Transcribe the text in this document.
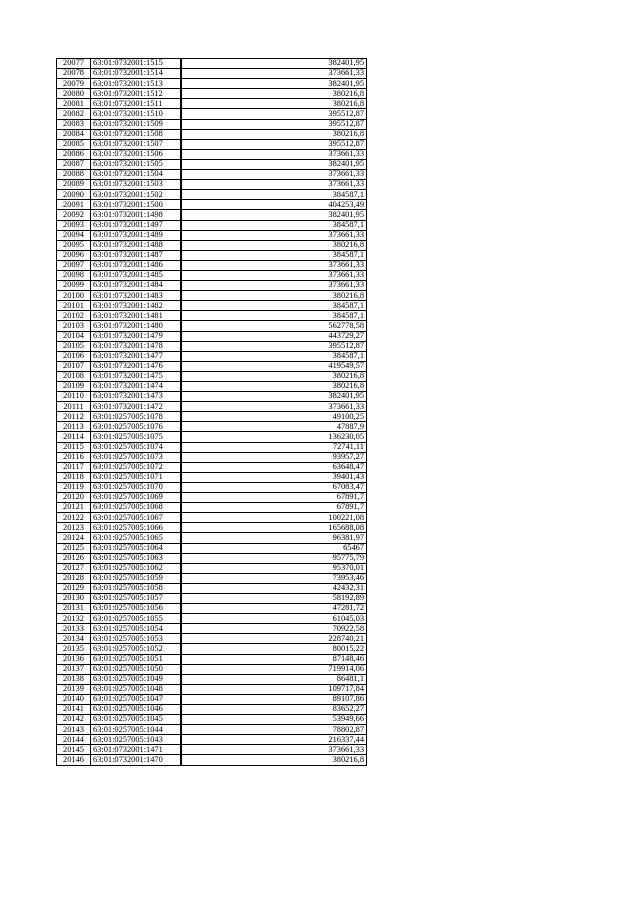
20077	63:01:0732001:1515	382401,95
20078	63:01:0732001:1514	373661,33
20079	63:01:0732001:1513	382401,95
20080	63:01:0732001:1512	380216,8
20081	63:01:0732001:1511	380216,8
20082	63:01:0732001:1510	395512,87
20083	63:01:0732001:1509	395512,87
20084	63:01:0732001:1508	380216,8
20085	63:01:0732001:1507	395512,87
20086	63:01:0732001:1506	373661,33
20087	63:01:0732001:1505	382401,95
20088	63:01:0732001:1504	373661,33
20089	63:01:0732001:1503	373661,33
20090	63:01:0732001:1502	384587,1
20091	63:01:0732001:1500	404253,49
20092	63:01:0732001:1498	382401,95
20093	63:01:0732001:1497	384587,1
20094	63:01:0732001:1489	373661,33
20095	63:01:0732001:1488	380216,8
20096	63:01:0732001:1487	384587,1
20097	63:01:0732001:1486	373661,33
20098	63:01:0732001:1485	373661,33
20099	63:01:0732001:1484	373661,33
20100	63:01:0732001:1483	380216,8
20101	63:01:0732001:1482	384587,1
20102	63:01:0732001:1481	384587,1
20103	63:01:0732001:1480	562778,58
20104	63:01:0732001:1479	443729,27
20105	63:01:0732001:1478	395512,87
20106	63:01:0732001:1477	384587,1
20107	63:01:0732001:1476	419549,57
20108	63:01:0732001:1475	380216,8
20109	63:01:0732001:1474	380216,8
20110	63:01:0732001:1473	382401,95
20111	63:01:0732001:1472	373661,33
20112	63:01:0257005:1078	49100,25
20113	63:01:0257005:1076	47887,9
20114	63:01:0257005:1075	136230,05
20115	63:01:0257005:1074	72741,11
20116	63:01:0257005:1073	93957,27
20117	63:01:0257005:1072	63648,47
20118	63:01:0257005:1071	39401,43
20119	63:01:0257005:1070	67083,47
20120	63:01:0257005:1069	67891,7
20121	63:01:0257005:1068	67891,7
20122	63:01:0257005:1067	100221,08
20123	63:01:0257005:1066	165688,08
20124	63:01:0257005:1065	96381,97
20125	63:01:0257005:1064	65467
20126	63:01:0257005:1063	95775,79
20127	63:01:0257005:1062	95370,01
20128	63:01:0257005:1059	73953,46
20129	63:01:0257005:1058	42432,31
20130	63:01:0257005:1057	58192,89
20131	63:01:0257005:1056	47281,72
20132	63:01:0257005:1055	61045,03
20133	63:01:0257005:1054	70922,58
20134	63:01:0257005:1053	228740,21
20135	63:01:0257005:1052	80015,22
20136	63:01:0257005:1051	87148,46
20137	63:01:0257005:1050	719914,06
20138	63:01:0257005:1049	86481,1
20139	63:01:0257005:1048	109717,84
20140	63:01:0257005:1047	89107,86
20141	63:01:0257005:1046	83652,27
20142	63:01:0257005:1045	53949,66
20143	63:01:0257005:1044	78802,87
20144	63:01:0257005:1043	216337,44
20145	63:01:0732001:1471	373661,33
20146	63:01:0732001:1470	380216,8
